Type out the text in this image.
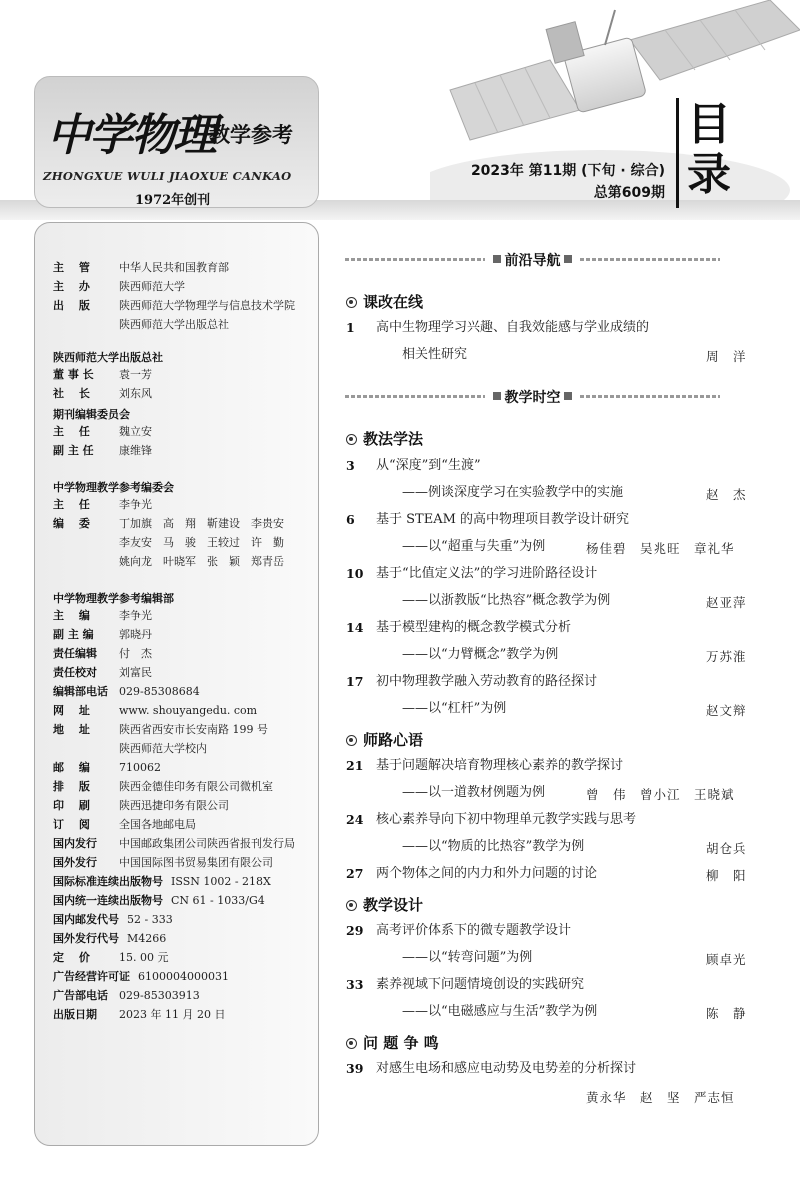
中学物理
教学参考
ZHONGXUE WULI JIAOXUE CANKAO
1972年创刊
2023年 第11期 (下旬 · 综合)
总第609期
目
录
主 　管	中华人民共和国教育部
主 　办	陕西师范大学
出 　版	陕西师范大学物理学与信息技术学院
陕西师范大学出版总社
陕西师范大学出版总社
董 事 长 袁一芳
社 　长	刘东风
期刊编辑委员会
主 　任	魏立安
副 主 任 康维锋
中学物理教学参考编委会
主 　任	李争光
编 　委	丁加旗　高　翔　靳建设　李贵安
李友安　马　骏　王较过　许　勤
姚向龙　叶晓军　张　颖　郑青岳
中学物理教学参考编辑部
主 　编	李争光
副 主 编 郭晓丹
责任编辑 付　杰
责任校对 刘富民
编辑部电话 029-85308684
网 　址	www. shouyangedu. com
地 　址	陕西省西安市长安南路 199 号
陕西师范大学校内
邮 　编	710062
排 　版	陕西金德佳印务有限公司微机室
印 　刷	陕西迅捷印务有限公司
订 　阅	全国各地邮电局
国内发行 中国邮政集团公司陕西省报刊发行局
国外发行 中国国际图书贸易集团有限公司
国际标准连续出版物号 ISSN 1002 - 218X
国内统一连续出版物号 CN 61 - 1033/G4
国内邮发代号 52 - 333
国外发行代号 M4266
定 　价	15. 00 元
广告经营许可证 6100004000031
广告部电话 029-85303913
出版日期 2023 年 11 月 20 日
前沿导航
课改在线
1 高中生物理学习兴趣、自我效能感与学业成绩的
相关性研究	周　洋
教学时空
教法学法
3 从“深度”到“生渡”
——例谈深度学习在实验教学中的实施	赵　杰
6 基于 STEAM 的高中物理项目教学设计研究
——以“超重与失重”为例	杨佳碧　吴兆旺　章礼华
10 基于“比值定义法”的学习进阶路径设计
——以浙教版“比热容”概念教学为例	赵亚萍
14 基于模型建构的概念教学模式分析
——以“力臂概念”教学为例	万苏淮
17 初中物理教学融入劳动教育的路径探讨
——以“杠杆”为例	赵文辩
师路心语
21 基于问题解决培育物理核心素养的教学探讨
——以一道教材例题为例	曾　伟　曾小江　王晓斌
24 核心素养导向下初中物理单元教学实践与思考
——以“物质的比热容”教学为例	胡仓兵
27 两个物体之间的内力和外力问题的讨论	柳　阳
教学设计
29 高考评价体系下的微专题教学设计
——以“转弯问题”为例	顾卓光
33 素养视域下问题情境创设的实践研究
——以“电磁感应与生活”教学为例	陈　静
问 题 争 鸣
39 对感生电场和感应电动势及电势差的分析探讨
黄永华　赵　坚　严志恒
